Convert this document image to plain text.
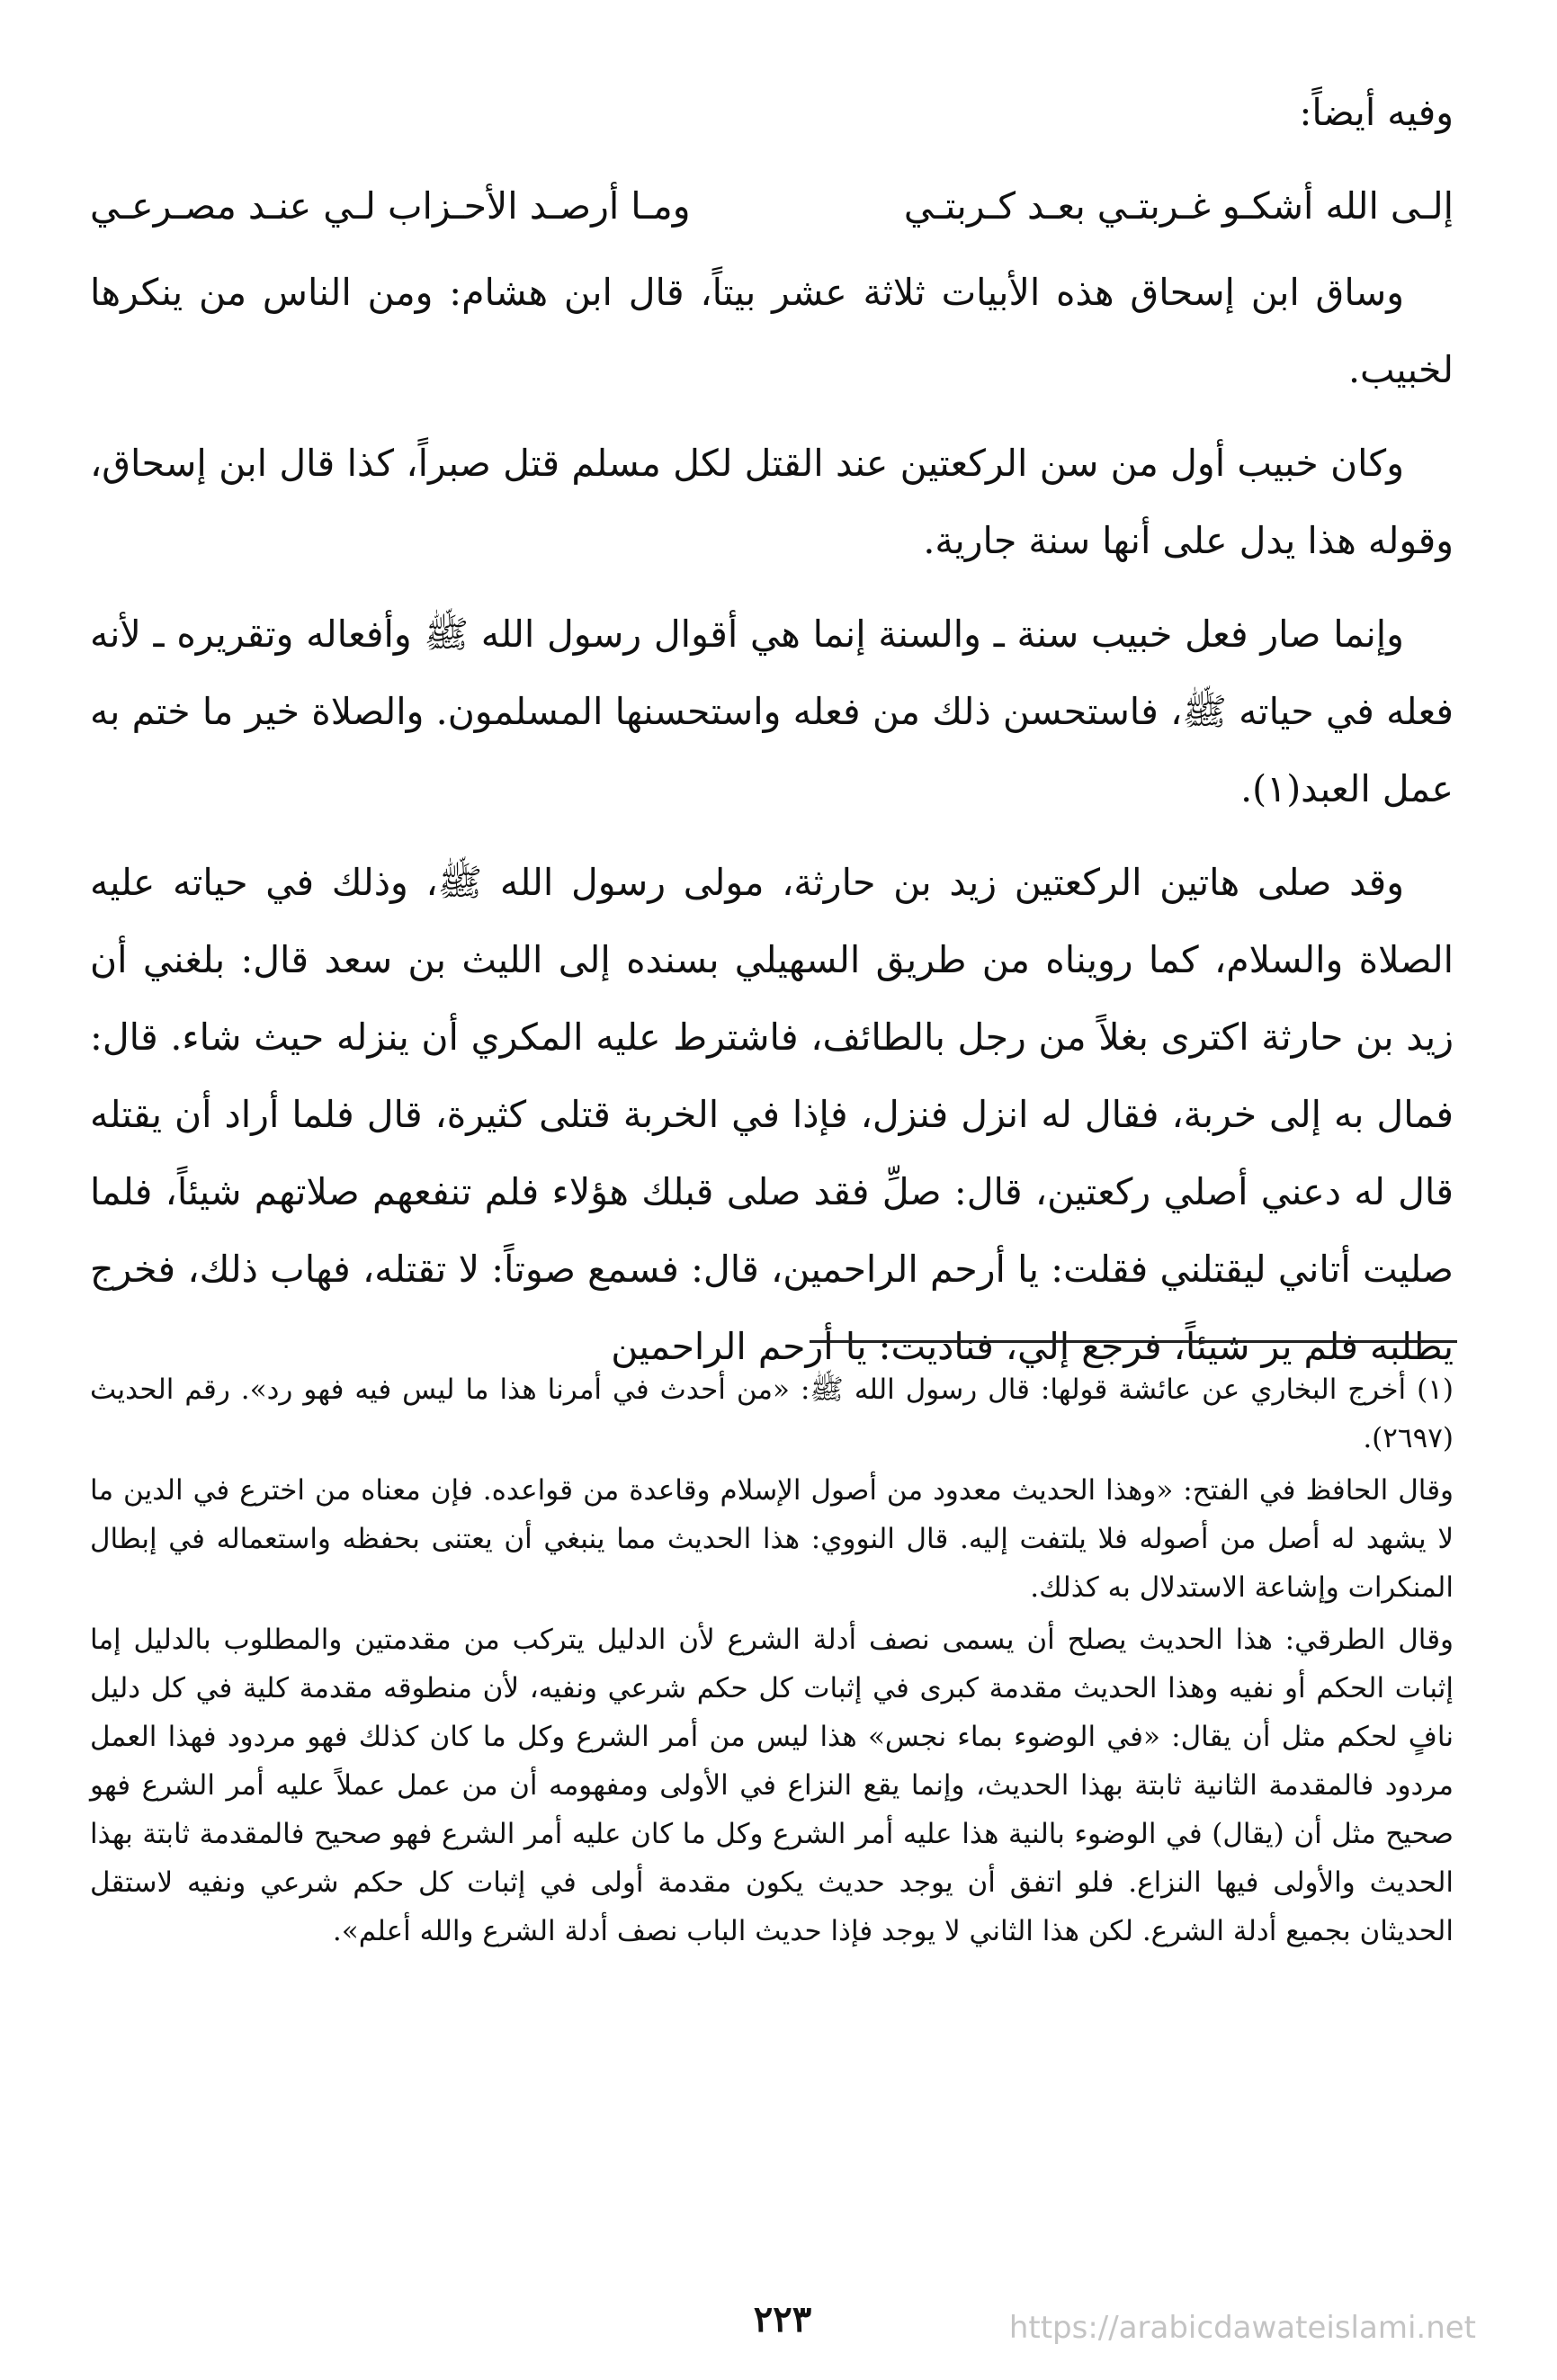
وفيه أيضاً:

إلـى الله أشكـو غـربتـي بعـد كـربتـي
ومـا أرصـد الأحـزاب لـي عنـد مصـرعـي

وساق ابن إسحاق هذه الأبيات ثلاثة عشر بيتاً، قال ابن هشام: ومن الناس من ينكرها لخبيب.

وكان خبيب أول من سن الركعتين عند القتل لكل مسلم قتل صبراً، كذا قال ابن إسحاق، وقوله هذا يدل على أنها سنة جارية.

وإنما صار فعل خبيب سنة ـ والسنة إنما هي أقوال رسول الله ﷺ وأفعاله وتقريره ـ لأنه فعله في حياته ﷺ، فاستحسن ذلك من فعله واستحسنها المسلمون. والصلاة خير ما ختم به عمل العبد(١).

وقد صلى هاتين الركعتين زيد بن حارثة، مولى رسول الله ﷺ، وذلك في حياته عليه الصلاة والسلام، كما رويناه من طريق السهيلي بسنده إلى الليث بن سعد قال: بلغني أن زيد بن حارثة اكترى بغلاً من رجل بالطائف، فاشترط عليه المكري أن ينزله حيث شاء. قال: فمال به إلى خربة، فقال له انزل فنزل، فإذا في الخربة قتلى كثيرة، قال فلما أراد أن يقتله قال له دعني أصلي ركعتين، قال: صلِّ فقد صلى قبلك هؤلاء فلم تنفعهم صلاتهم شيئاً، فلما صليت أتاني ليقتلني فقلت: يا أرحم الراحمين، قال: فسمع صوتاً: لا تقتله، فهاب ذلك، فخرج يطلبه فلم ير شيئاً، فرجع إلي، فناديت: يا أرحم الراحمين

(١) أخرج البخاري عن عائشة قولها: قال رسول الله ﷺ: «من أحدث في أمرنا هذا ما ليس فيه فهو رد». رقم الحديث (٢٦٩٧).

وقال الحافظ في الفتح: «وهذا الحديث معدود من أصول الإسلام وقاعدة من قواعده. فإن معناه من اخترع في الدين ما لا يشهد له أصل من أصوله فلا يلتفت إليه. قال النووي: هذا الحديث مما ينبغي أن يعتنى بحفظه واستعماله في إبطال المنكرات وإشاعة الاستدلال به كذلك.

وقال الطرقي: هذا الحديث يصلح أن يسمى نصف أدلة الشرع لأن الدليل يتركب من مقدمتين والمطلوب بالدليل إما إثبات الحكم أو نفيه وهذا الحديث مقدمة كبرى في إثبات كل حكم شرعي ونفيه، لأن منطوقه مقدمة كلية في كل دليل نافٍ لحكم مثل أن يقال: «في الوضوء بماء نجس» هذا ليس من أمر الشرع وكل ما كان كذلك فهو مردود فهذا العمل مردود فالمقدمة الثانية ثابتة بهذا الحديث، وإنما يقع النزاع في الأولى ومفهومه أن من عمل عملاً عليه أمر الشرع فهو صحيح مثل أن (يقال) في الوضوء بالنية هذا عليه أمر الشرع وكل ما كان عليه أمر الشرع فهو صحيح فالمقدمة ثابتة بهذا الحديث والأولى فيها النزاع. فلو اتفق أن يوجد حديث يكون مقدمة أولى في إثبات كل حكم شرعي ونفيه لاستقل الحديثان بجميع أدلة الشرع. لكن هذا الثاني لا يوجد فإذا حديث الباب نصف أدلة الشرع والله أعلم».

٢٢٣	https://arabicdawateislami.net
